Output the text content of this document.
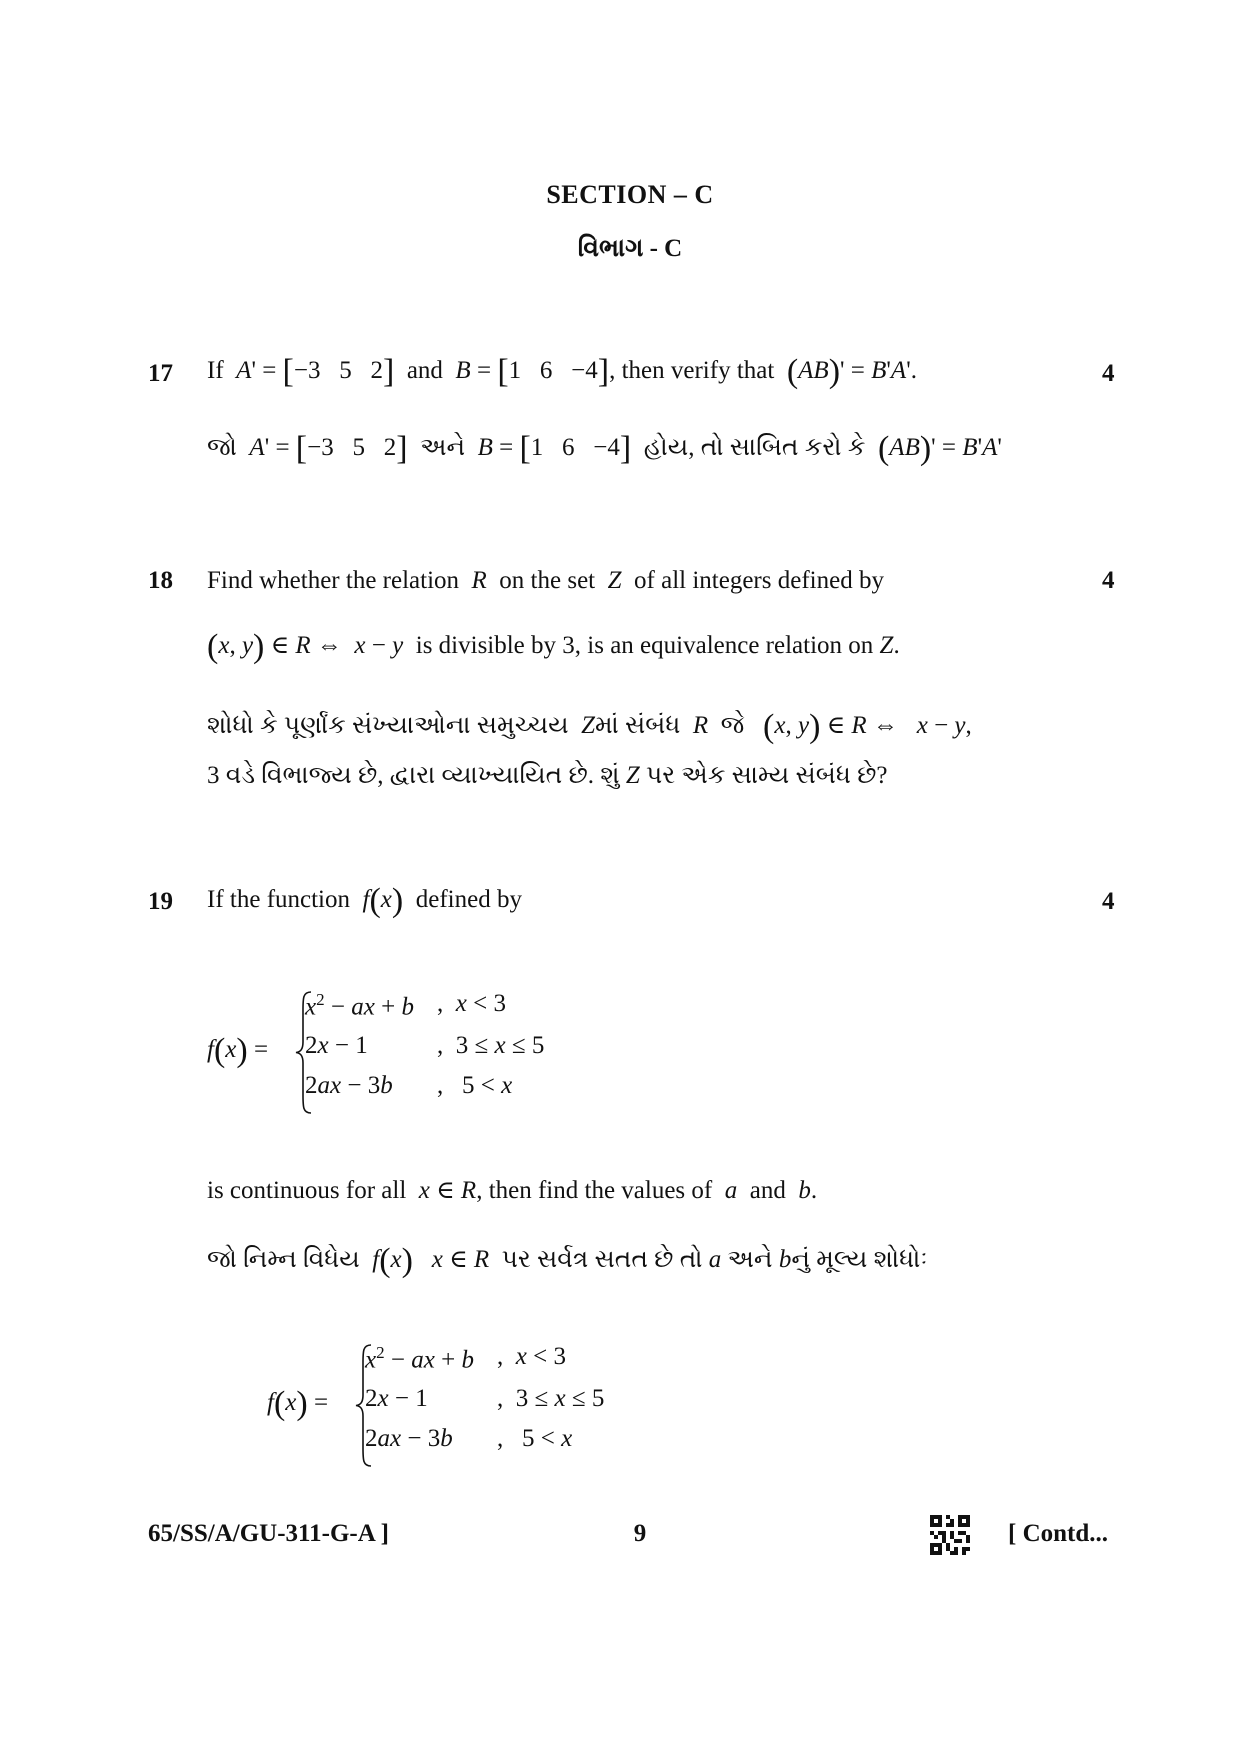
SECTION – C
વિભાગ - C
17	4
If A' = [−3   5   2] and B = [1   6   −4], then verify that (AB)' = B'A'.
જો A' = [−3   5   2] અને B = [1   6   −4] હોય, તો સાબિત કરો કે (AB)' = B'A'
18	4
Find whether the relation R on the set Z of all integers defined by
(x, y) ∈ R ⇔  x − y is divisible by 3, is an equivalence relation on Z.
શોધો કે પૂર્ણાંક સંખ્યાઓના સમુચ્ચય Zમાં સંબંધ R જે (x, y) ∈ R ⇔   x − y,
3 વડે વિભાજ્ય છે, દ્વારા વ્યાખ્યાયિત છે. શું Z પર એક સામ્ય સંબંધ છે?
19	4
If the function f(x) defined by
f(x) =
$x^2$ − ax + b ,  x < 3
2x − 1	,  3 ≤ x ≤ 5
2ax − 3b ,   5 < x
is continuous for all x ∈ R, then find the values of a and b.
જો નિમ્ન વિધેય f(x) x ∈ R પર સર્વત્ર સતત છે તો a અને bનું મૂલ્ય શોધોઃ
f(x) =
$x^2$ − ax + b ,  x < 3
2x − 1	,  3 ≤ x ≤ 5
2ax − 3b ,   5 < x
65/SS/A/GU-311-G-A ]	9	[ Contd...
